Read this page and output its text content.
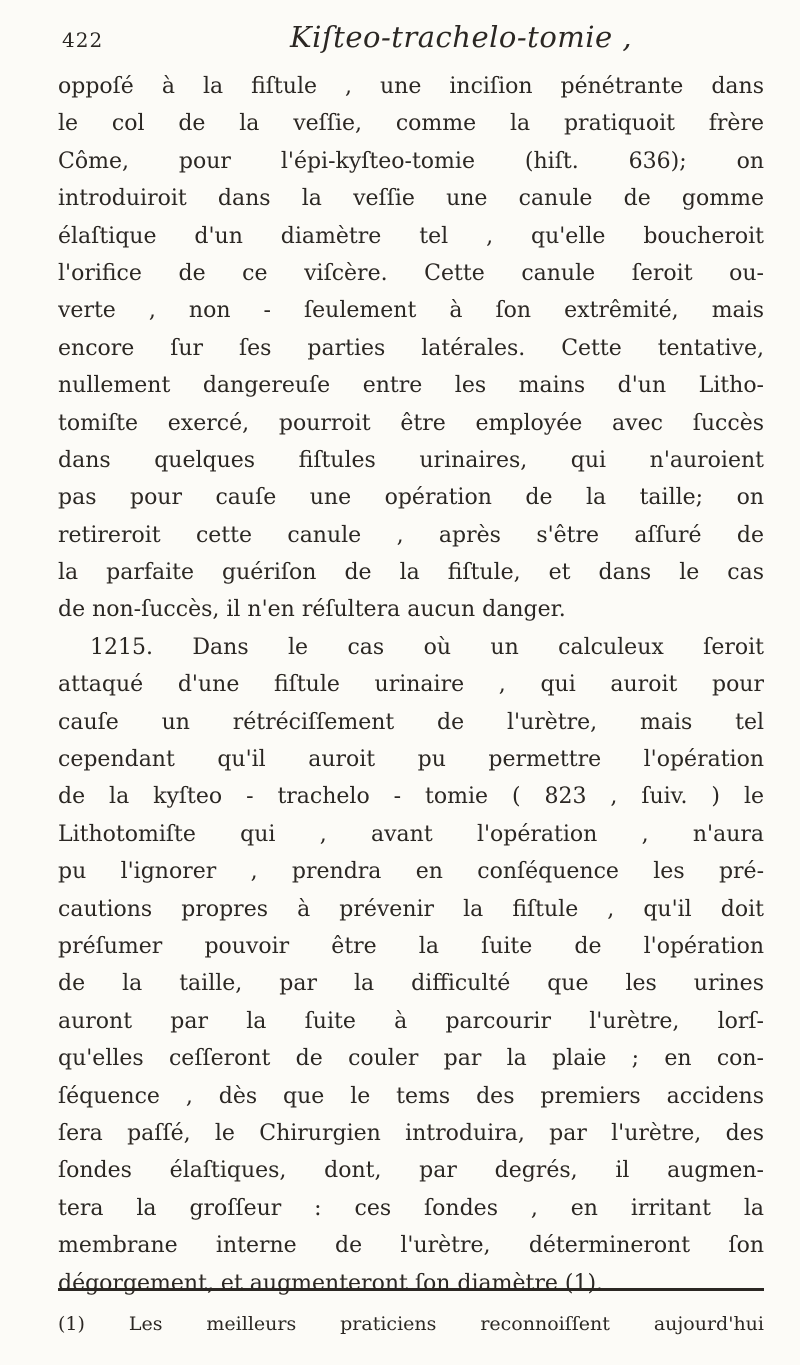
422	Kiſteo-trachelo-tomie ,
oppoſé à la fiſtule , une inciſion pénétrante dans
le col de la veſſie, comme la pratiquoit frère
Côme, pour l'épi-kyſteo-tomie (hiſt. 636); on
introduiroit dans la veſſie une canule de gomme
élaſtique d'un diamètre tel , qu'elle boucheroit
l'orifice de ce viſcère. Cette canule ſeroit ou-
verte , non - ſeulement à ſon extrêmité, mais
encore ſur ſes parties latérales. Cette tentative,
nullement dangereuſe entre les mains d'un Litho-
tomiſte exercé, pourroit être employée avec ſuccès
dans quelques fiſtules urinaires, qui n'auroient
pas pour cauſe une opération de la taille; on
retireroit cette canule , après s'être aſſuré de
la parfaite guériſon de la fiſtule, et dans le cas
de non-ſuccès, il n'en réſultera aucun danger.
1215. Dans le cas où un calculeux ſeroit
attaqué d'une fiſtule urinaire , qui auroit pour
cauſe un rétréciſſement de l'urètre, mais tel
cependant qu'il auroit pu permettre l'opération
de la kyſteo - trachelo - tomie ( 823 , ſuiv. ) le
Lithotomiſte qui , avant l'opération , n'aura
pu l'ignorer , prendra en conſéquence les pré-
cautions propres à prévenir la fiſtule , qu'il doit
préſumer pouvoir être la ſuite de l'opération
de la taille, par la difficulté que les urines
auront par la ſuite à parcourir l'urètre, lorſ-
qu'elles ceſſeront de couler par la plaie ; en con-
ſéquence , dès que le tems des premiers accidens
ſera paſſé, le Chirurgien introduira, par l'urètre, des
ſondes élaſtiques, dont, par degrés, il augmen-
tera la groſſeur : ces ſondes , en irritant la
membrane interne de l'urètre, détermineront ſon
dégorgement, et augmenteront ſon diamètre (1).
(1) Les meilleurs praticiens reconnoiſſent aujourd'hui
